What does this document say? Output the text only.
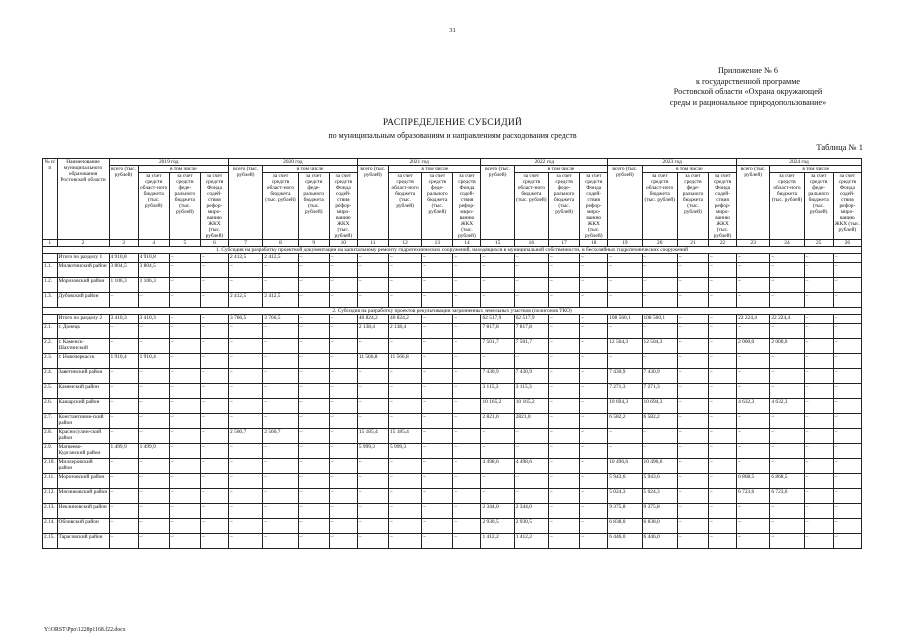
31
Приложение № 6
к государственной программе
Ростовской области «Охрана окружающей
среды и рациональное природопользование»
РАСПРЕДЕЛЕНИЕ СУБСИДИЙ
по муниципальным образованиям и направлениям расходования средств
Таблица № 1
№ п/п	Наименование муниципального образования Ростовской области	2019 год				2020 год				2021 год				2022 год				2023 год				2024 год			
		всего (тыс. рублей)	в том числе			всего (тыс. рублей)	в том числе			всего (тыс. рублей)	в том числе			всего (тыс. рублей)	в том числе			всего (тыс. рублей)	в том числе			всего (тыс. рублей)	в том числе		
			за счет средств област-ного бюджета (тыс. рублей)	за счет средств феде-рального бюджета (тыс. рублей)	за счет средств Фонда содей-ствия рефор-миро-ванию ЖКХ (тыс. рублей)		за счет средств област-ного бюджета (тыс. рублей)	за счет средств феде-рального бюджета (тыс. рублей)	за счет средств Фонда содей-ствия рефор-миро-ванию ЖКХ (тыс. рублей)		за счет средств област-ного бюджета (тыс. рублей)	за счет средств феде-рального бюджета (тыс. рублей)	за счет средств Фонда содей-ствия рефор-миро-ванию ЖКХ (тыс. рублей)		за счет средств област-ного бюджета (тыс. рублей)	за счет средств феде-рального бюджета (тыс. рублей)	за счет средств Фонда содей-ствия рефор-миро-ванию ЖКХ (тыс. рублей)		за счет средств област-ного бюджета (тыс. рублей)	за счет средств феде-рального бюджета (тыс. рублей)	за счет средств Фонда содей-ствия рефор-миро-ванию ЖКХ (тыс. рублей)		за счет средств област-ного бюджета (тыс. рублей)	за счет средств феде-рального бюджета (тыс. рублей)	за счет средств Фонда содей-ствия рефор-миро-ванию ЖКХ (тыс. рублей)
1	2	3	4	5	6	7	8	9	10	11	12	13	14	15	16	17	18	19	20	21	22	23	24	25	26
1. Субсидия на разработку проектной документации на капитальному ремонту гидротехнических сооружений, находящихся в муниципальной собственности, и бесхозяйных гидротехнических сооружений																									
	Итого по разделу 1	4 910,8	4 910,8	–	–	2 412,5	2 412,5	–	–	–	–	–	–	–	–	–	–	–	–	–	–	–	–	–	–
1.1.	Милютинский район	3 804,5	3 804,5	–	–	–	–	–	–	–	–	–	–	–	–	–	–	–	–	–	–	–	–	–	–
1.2.	Морозовский район	1 106,3	1 106,3	–	–	–	–	–	–	–	–	–	–	–	–	–	–	–	–	–	–	–	–	–	–
1.3.	Дубовский район	–	–	–	–	2 412,5	2 412,5	–	–	–	–	–	–	–	–	–	–	–	–	–	–	–	–	–	–
2. Субсидия на разработку проектов рекультивации загрязненных земельных участков (полигонов ТКО)																									
	Итого по разделу 2	3 410,3	3 410,3	–	–	3 766,5	3 766,5	–	–	40 824,2	40 824,2	–	–	62 517,9	62 517,9	–	–	108 560,1	108 560,1	–	–	22 224,4	22 224,4	–	–
2.1.	г. Донецк	–	–	–	–	–	–	–	–	2 138,4	2 138,4	–	–	7 817,8	7 817,8	–	–	–	–	–	–	–	–	–	–
2.2.	г. Каменск-Шахтинский	–	–	–	–	–	–	–	–	–	–	–	–	7 501,7	7 501,7	–	–	12 504,3	12 504,3	–	–	2 000,0	2 000,0	–	–
2.3.	г. Новочеркасск	1 910,4	1 910,4	–	–	–	–	–	–	11 566,8	11 566,8	–	–	–	–	–	–	–	–	–	–	–	–	–	–
2.4.	Заветинский район	–	–	–	–	–	–	–	–	–	–	–	–	7 430,9	7 430,9	–	–	7 430,9	7 430,9	–	–	–	–	–	–
2.5.	Каменский район	–	–	–	–	–	–	–	–	–	–	–	–	3 115,3	3 115,3	–	–	7 271,3	7 271,3	–	–	–	–	–	–
2.6.	Кашарский район	–	–	–	–	–	–	–	–	–	–	–	–	10 165,2	10 165,2	–	–	10 694,3	10 694,3	–	–	4 632,3	4 632,3	–	–
2.7.	Константинов-ский район	–	–	–	–	–	–	–	–	–	–	–	–	2 821,0	2821,0	–	–	6 582,2	6 582,2	–	–	–	–	–	–
2.8.	Красносулин-ский район	–	–	–	–	2 560,7	2 560,7	–	–	15 185,4	15 185,4	–	–	–	–	–	–	–	–	–	–	–	–	–	–
2.9.	Матвеево-Курганский район	1 499,9	1 499,9	–	–	–	–	–	–	5 999,3	5 999,3	–	–	–	–	–	–	–	–	–	–	–	–	–	–
2.10.	Миллеровский район	–	–	–	–	–	–	–	–	–	–	–	–	4 498,6	4 498,6	–	–	10 496,6	10 496,6	–	–	–	–	–	–
2.11.	Морозовский район	–	–	–	–	–	–	–	–	–	–	–	–	–	–	–	–	5 943,6	5 943,6	–	–	6 868,5	6 868,5	–	–
2.12.	Мясниковский район	–	–	–	–	–	–	–	–	–	–	–	–	–	–	–	–	5 024,3	5 024,3	–	–	6 723,6	6 723,6	–	–
2.13.	Неклиновский район	–	–	–	–	–	–	–	–	–	–	–	–	2 344,0	2 344,0	–	–	9 375,8	9 375,8	–	–	–	–	–	–
2.14.	Обливский район	–	–	–	–	–	–	–	–	–	–	–	–	2 930,5	2 930,5	–	–	6 838,0	6 838,0	–	–	–	–	–	–
2.15.	Тарасовский район	–	–	–	–	–	–	–	–	–	–	–	–	1 412,2	1 412,2	–	–	6 446,0	6 446,0	–	–	–	–	–	–
Y:\ORST\Ppo\1228p1168.f22.docx
